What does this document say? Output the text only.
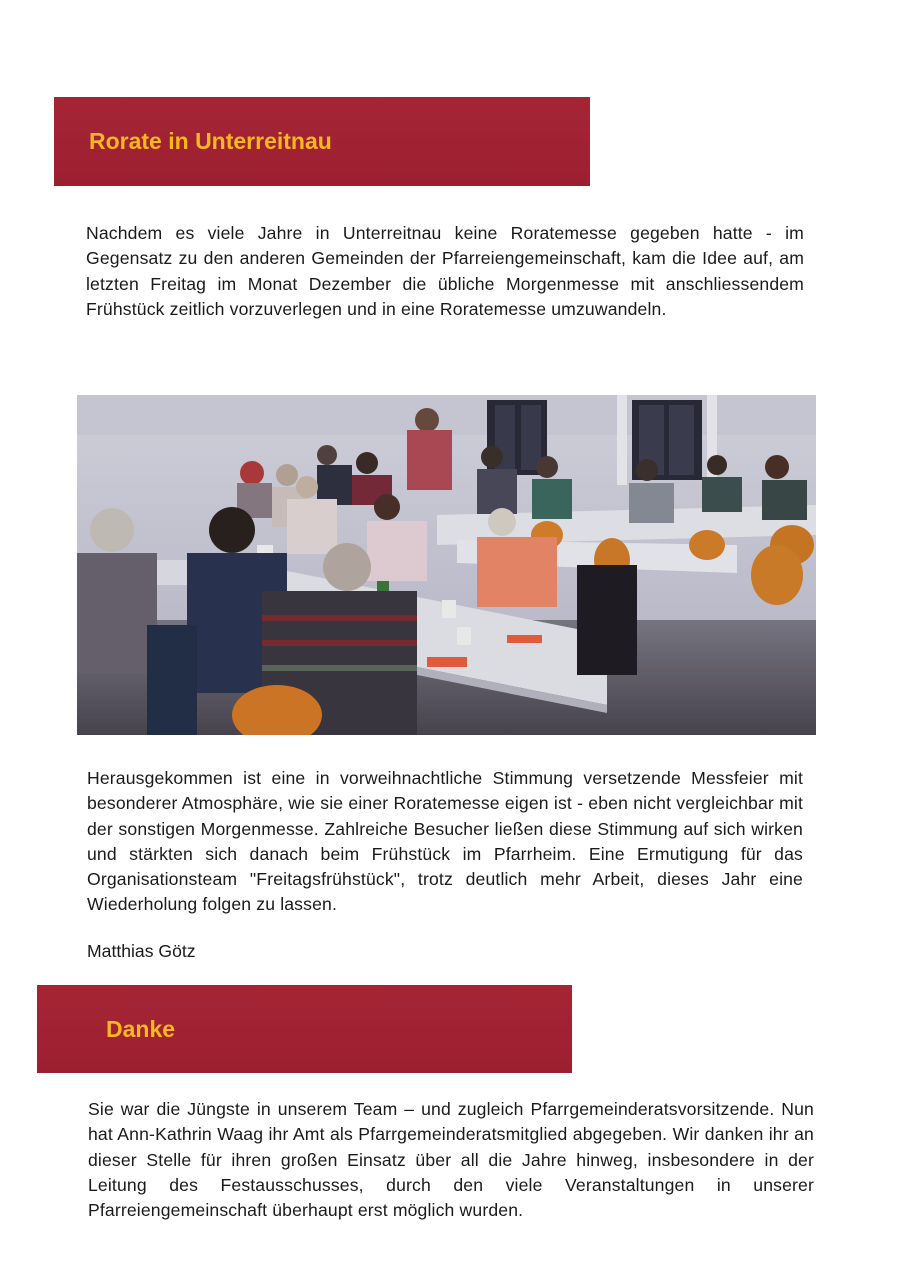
Rorate in Unterreitnau

Nachdem es viele Jahre in Unterreitnau keine Roratemesse gegeben hatte - im Gegensatz zu den anderen Gemeinden der Pfarreiengemeinschaft, kam die Idee auf, am letzten Freitag im Monat Dezember die übliche Morgenmesse mit anschliessendem Frühstück zeitlich vorzuverlegen und in eine Roratemesse umzuwandeln.

Herausgekommen ist eine in vorweihnachtliche Stimmung versetzende Messfeier mit besonderer Atmosphäre, wie sie einer Roratemesse eigen ist - eben nicht vergleichbar mit der sonstigen Morgenmesse. Zahlreiche Besucher ließen diese Stimmung auf sich wirken und stärkten sich danach beim Frühstück im Pfarrheim. Eine Ermutigung für das Organisationsteam "Freitagsfrühstück", trotz deutlich mehr Arbeit, dieses Jahr eine Wiederholung folgen zu lassen.

Matthias Götz

Danke

Sie war die Jüngste in unserem Team – und zugleich Pfarrgemeinderatsvorsitzende. Nun hat Ann-Kathrin Waag ihr Amt als Pfarrgemeinderatsmitglied abgegeben. Wir danken ihr an dieser Stelle für ihren großen Einsatz über all die Jahre hinweg, insbesondere in der Leitung des Festausschusses, durch den viele Veranstaltungen in unserer Pfarreiengemeinschaft überhaupt erst möglich wurden.
